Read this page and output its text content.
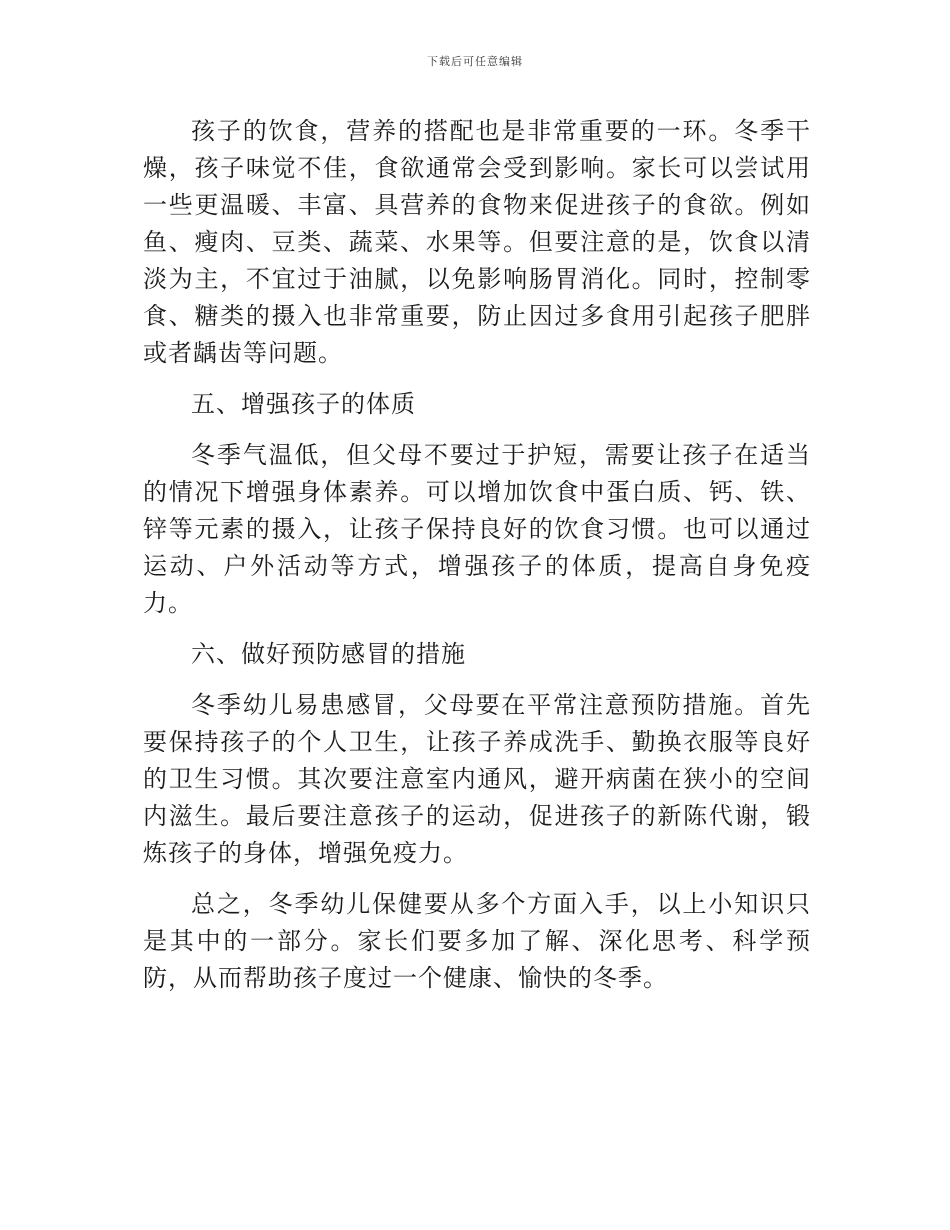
下载后可任意编辑

孩子的饮食，营养的搭配也是非常重要的一环。冬季干燥，孩子味觉不佳，食欲通常会受到影响。家长可以尝试用一些更温暖、丰富、具营养的食物来促进孩子的食欲。例如鱼、瘦肉、豆类、蔬菜、水果等。但要注意的是，饮食以清淡为主，不宜过于油腻，以免影响肠胃消化。同时，控制零食、糖类的摄入也非常重要，防止因过多食用引起孩子肥胖或者龋齿等问题。

五、增强孩子的体质

冬季气温低，但父母不要过于护短，需要让孩子在适当的情况下增强身体素养。可以增加饮食中蛋白质、钙、铁、锌等元素的摄入，让孩子保持良好的饮食习惯。也可以通过运动、户外活动等方式，增强孩子的体质，提高自身免疫力。

六、做好预防感冒的措施

冬季幼儿易患感冒，父母要在平常注意预防措施。首先要保持孩子的个人卫生，让孩子养成洗手、勤换衣服等良好的卫生习惯。其次要注意室内通风，避开病菌在狭小的空间内滋生。最后要注意孩子的运动，促进孩子的新陈代谢，锻炼孩子的身体，增强免疫力。

总之，冬季幼儿保健要从多个方面入手，以上小知识只是其中的一部分。家长们要多加了解、深化思考、科学预防，从而帮助孩子度过一个健康、愉快的冬季。
